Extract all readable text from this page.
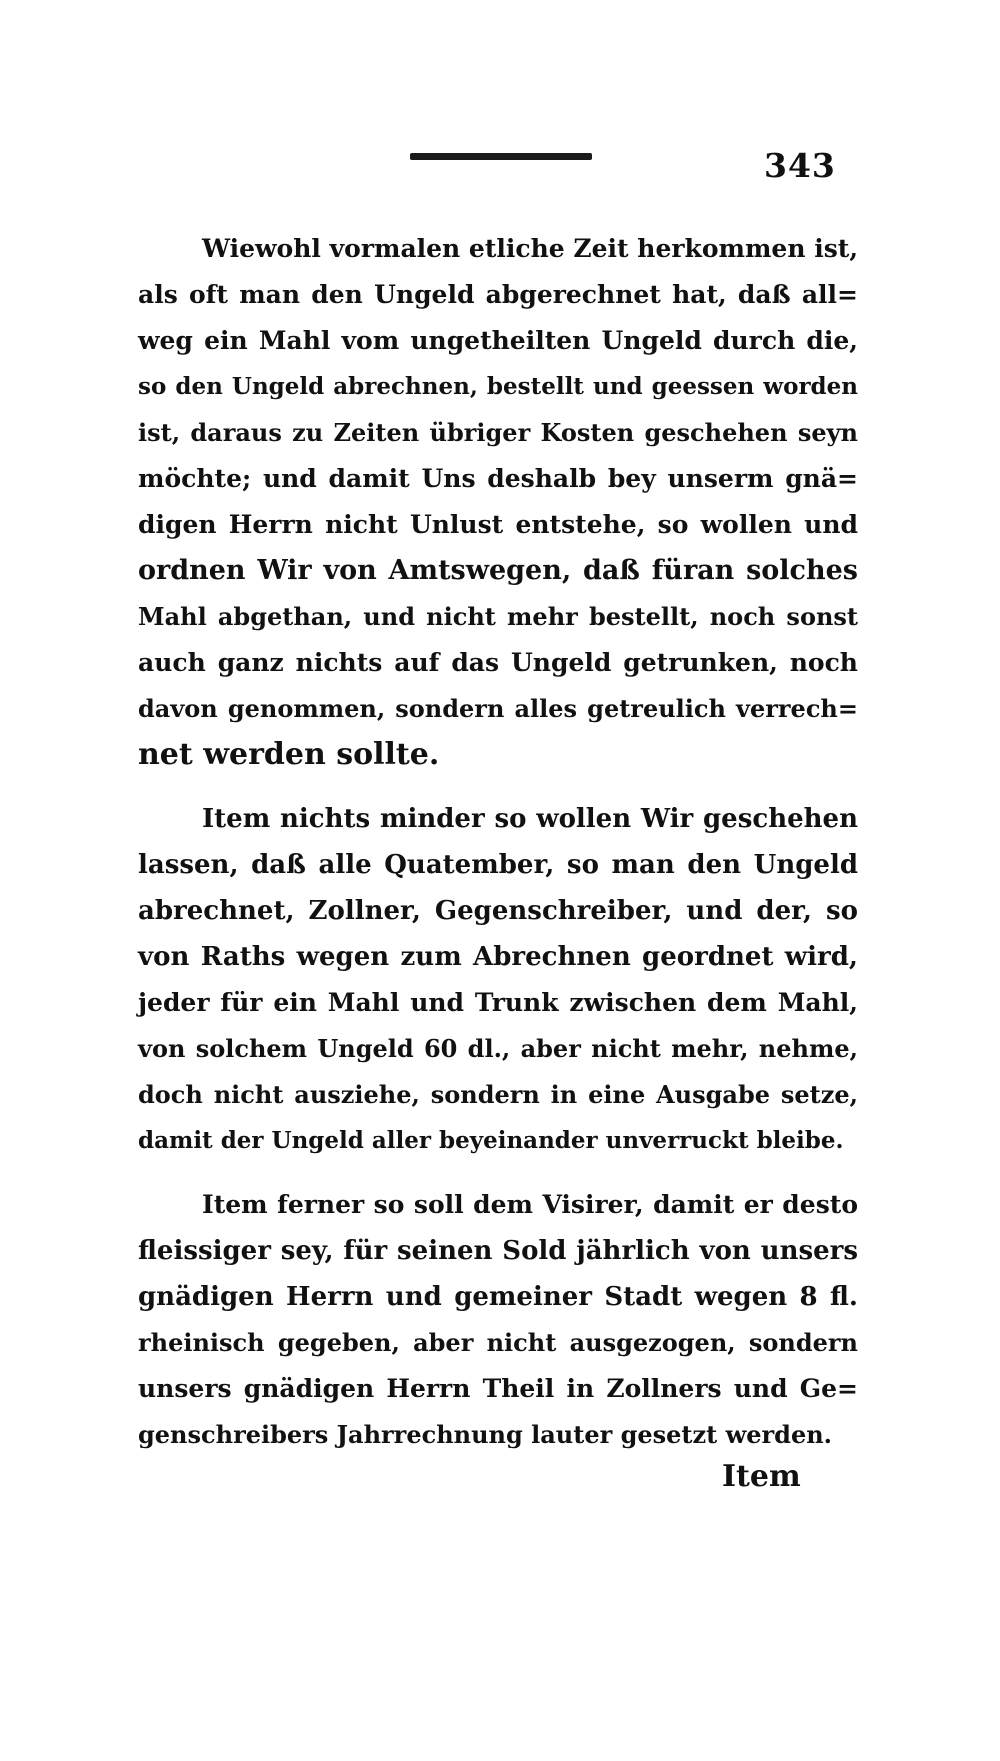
343
Wiewohl vormalen etliche Zeit herkommen ist,
als oft man den Ungeld abgerechnet hat, daß all=
weg ein Mahl vom ungetheilten Ungeld durch die,
so den Ungeld abrechnen, bestellt und geessen worden
ist, daraus zu Zeiten übriger Kosten geschehen seyn
möchte; und damit Uns deshalb bey unserm gnä=
digen Herrn nicht Unlust entstehe, so wollen und
ordnen Wir von Amtswegen, daß füran solches
Mahl abgethan, und nicht mehr bestellt, noch sonst
auch ganz nichts auf das Ungeld getrunken, noch
davon genommen, sondern alles getreulich verrech=
net werden sollte.
Item nichts minder so wollen Wir geschehen
lassen, daß alle Quatember, so man den Ungeld
abrechnet, Zollner, Gegenschreiber, und der, so
von Raths wegen zum Abrechnen geordnet wird,
jeder für ein Mahl und Trunk zwischen dem Mahl,
von solchem Ungeld 60 dl., aber nicht mehr, nehme,
doch nicht ausziehe, sondern in eine Ausgabe setze,
damit der Ungeld aller beyeinander unverruckt bleibe.
Item ferner so soll dem Visirer, damit er desto
fleissiger sey, für seinen Sold jährlich von unsers
gnädigen Herrn und gemeiner Stadt wegen 8 fl.
rheinisch gegeben, aber nicht ausgezogen, sondern
unsers gnädigen Herrn Theil in Zollners und Ge=
genschreibers Jahrrechnung lauter gesetzt werden.
Item
